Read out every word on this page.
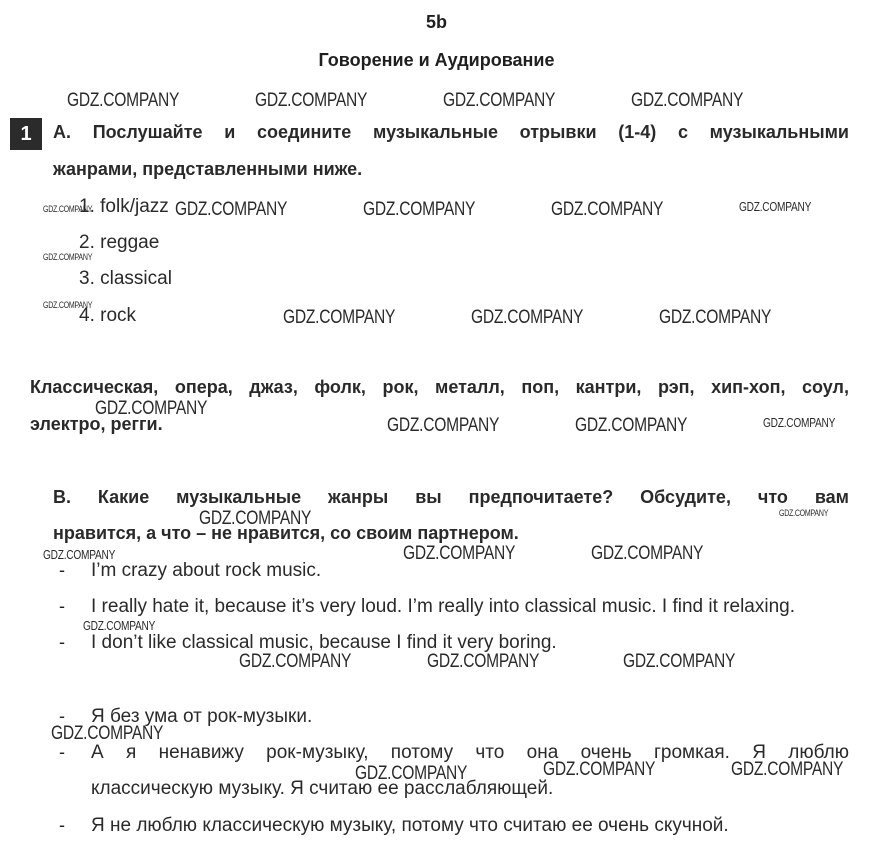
5b
Говорение и Аудирование
1	A. Послушайте и соедините музыкальные отрывки (1-4) с музыкальными
жанрами, представленными ниже.
1. folk/jazz
2. reggae
3. classical
4. rock
Классическая, опера, джаз, фолк, рок, металл, поп, кантри, рэп, хип-хоп, соул,
электро, регги.
B. Какие музыкальные жанры вы предпочитаете? Обсудите, что вам
нравится, а что – не нравится, со своим партнером.
- I’m crazy about rock music.
- I really hate it, because it’s very loud. I’m really into classical music. I find it relaxing.
- I don’t like classical music, because I find it very boring.
- Я без ума от рок-музыки.
- А я ненавижу рок-музыку, потому что она очень громкая. Я люблю
классическую музыку. Я считаю ее расслабляющей.
- Я не люблю классическую музыку, потому что считаю ее очень скучной.
GDZ.COMPANY	GDZ.COMPANY	GDZ.COMPANY	GDZ.COMPANY
GDZ.COMPANY	GDZ.COMPANY	GDZ.COMPANY	GDZ.COMPANY	GDZ.COMPANY
GDZ.COMPANY
GDZ.COMPANY
GDZ.COMPANY	GDZ.COMPANY	GDZ.COMPANY
GDZ.COMPANY
GDZ.COMPANY	GDZ.COMPANY	GDZ.COMPANY
GDZ.COMPANY	GDZ.COMPANY
GDZ.COMPANY	GDZ.COMPANY	GDZ.COMPANY
GDZ.COMPANY
GDZ.COMPANY	GDZ.COMPANY	GDZ.COMPANY
GDZ.COMPANY
GDZ.COMPANY	GDZ.COMPANY	GDZ.COMPANY
